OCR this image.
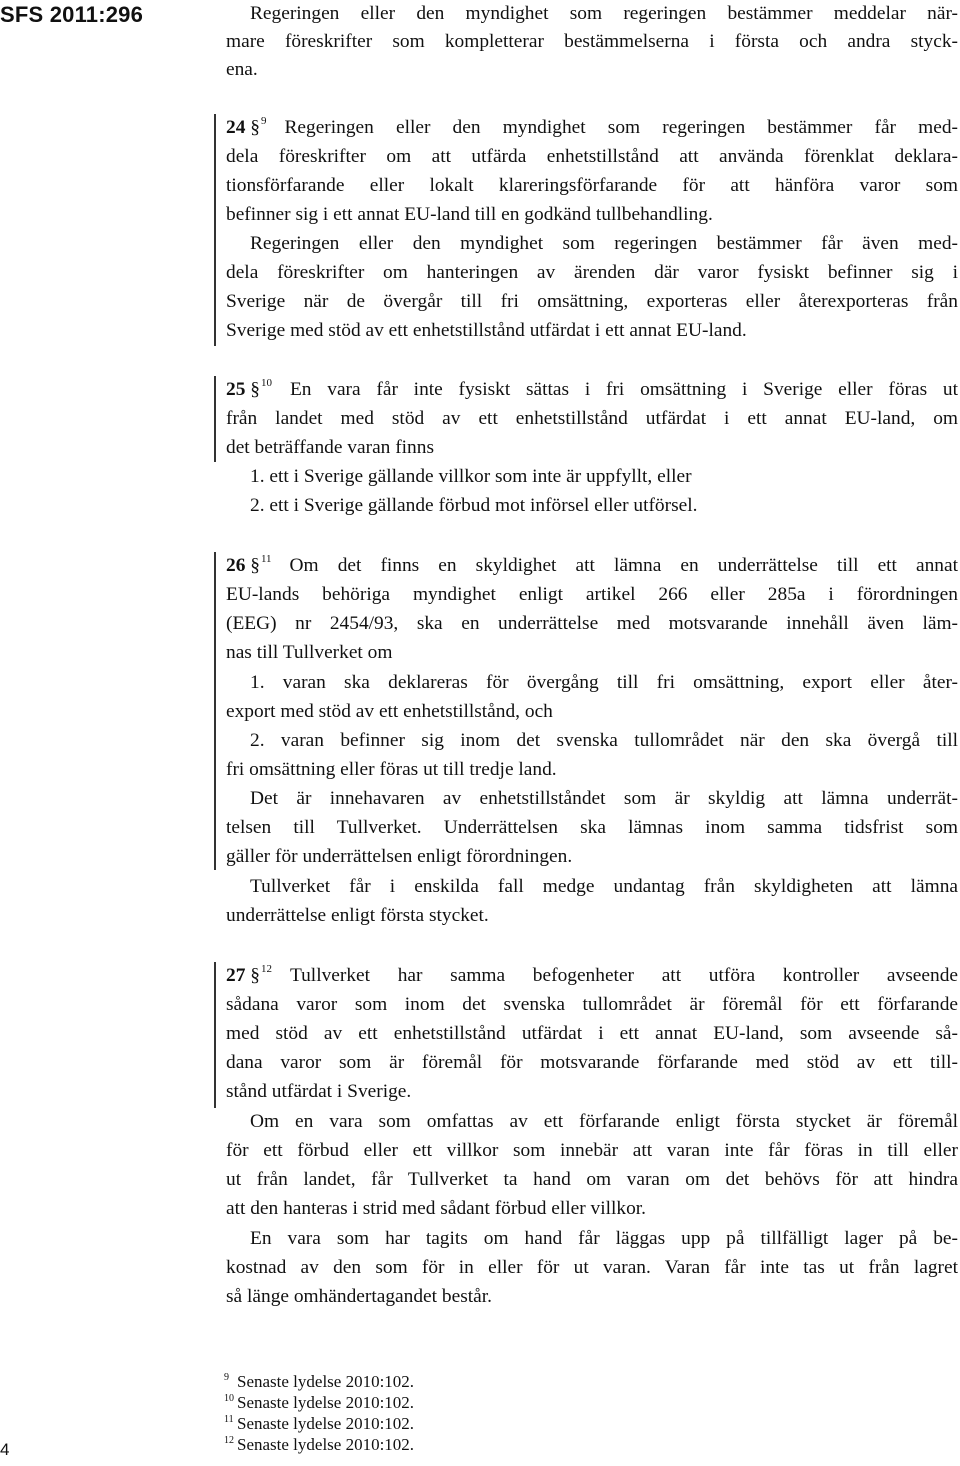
SFS 2011:296	Regeringen eller den myndighet som regeringen bestämmer meddelar när-
mare föreskrifter som kompletterar bestämmelserna i första och andra styck-
ena.
24 §$^9$ Regeringen eller den myndighet som regeringen bestämmer får med-
dela föreskrifter om att utfärda enhetstillstånd att använda förenklat deklara-
tionsförfarande eller lokalt klareringsförfarande för att hänföra varor som
befinner sig i ett annat EU-land till en godkänd tullbehandling.
Regeringen eller den myndighet som regeringen bestämmer får även med-
dela föreskrifter om hanteringen av ärenden där varor fysiskt befinner sig i
Sverige när de övergår till fri omsättning, exporteras eller återexporteras från
Sverige med stöd av ett enhetstillstånd utfärdat i ett annat EU-land.
25 §$^{10}$ En vara får inte fysiskt sättas i fri omsättning i Sverige eller föras ut
från landet med stöd av ett enhetstillstånd utfärdat i ett annat EU-land, om
det beträffande varan finns
1. ett i Sverige gällande villkor som inte är uppfyllt, eller
2. ett i Sverige gällande förbud mot införsel eller utförsel.
26 §$^{11}$ Om det finns en skyldighet att lämna en underrättelse till ett annat
EU-lands behöriga myndighet enligt artikel 266 eller 285a i förordningen
(EEG) nr 2454/93, ska en underrättelse med motsvarande innehåll även läm-
nas till Tullverket om
1. varan ska deklareras för övergång till fri omsättning, export eller åter-
export med stöd av ett enhetstillstånd, och
2. varan befinner sig inom det svenska tullområdet när den ska övergå till
fri omsättning eller föras ut till tredje land.
Det är innehavaren av enhetstillståndet som är skyldig att lämna underrät-
telsen till Tullverket. Underrättelsen ska lämnas inom samma tidsfrist som
gäller för underrättelsen enligt förordningen.
Tullverket får i enskilda fall medge undantag från skyldigheten att lämna
underrättelse enligt första stycket.
27 §$^{12}$ Tullverket har samma befogenheter att utföra kontroller avseende
sådana varor som inom det svenska tullområdet är föremål för ett förfarande
med stöd av ett enhetstillstånd utfärdat i ett annat EU-land, som avseende så-
dana varor som är föremål för motsvarande förfarande med stöd av ett till-
stånd utfärdat i Sverige.
Om en vara som omfattas av ett förfarande enligt första stycket är föremål
för ett förbud eller ett villkor som innebär att varan inte får föras in till eller
ut från landet, får Tullverket ta hand om varan om det behövs för att hindra
att den hanteras i strid med sådant förbud eller villkor.
En vara som har tagits om hand får läggas upp på tillfälligt lager på be-
kostnad av den som för in eller för ut varan. Varan får inte tas ut från lagret
så länge omhändertagandet består.
9 Senaste lydelse 2010:102.
10 Senaste lydelse 2010:102.
11 Senaste lydelse 2010:102.
12 Senaste lydelse 2010:102.
4
